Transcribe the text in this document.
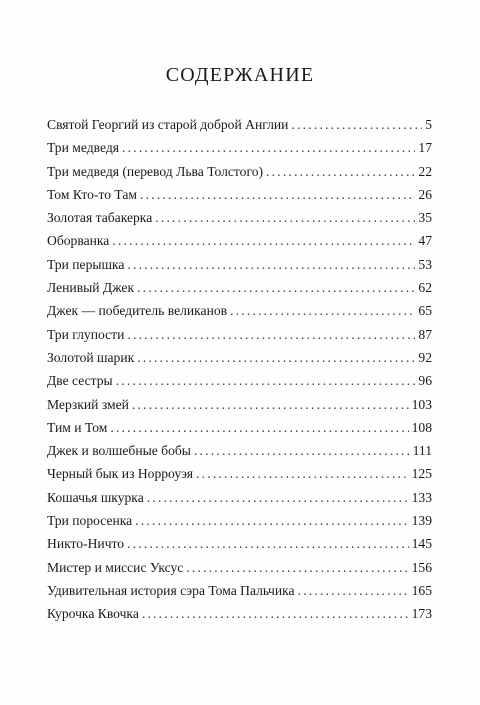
СОДЕРЖАНИЕ
Святой Георгий из старой доброй Англии . . .	5
Три медведя . . .	17
Три медведя (перевод Льва Толстого) . . .	22
Том Кто-то Там . . .	26
Золотая табакерка . . .	35
Оборванка . . .	47
Три перышка . . .	53
Ленивый Джек . . .	62
Джек — победитель великанов . . .	65
Три глупости . . .	87
Золотой шарик . . .	92
Две сестры . . .	96
Мерзкий змей . . .	103
Тим и Том . . .	108
Джек и волшебные бобы . . .	111
Черный бык из Норроуэя . . .	125
Кошачья шкурка . . .	133
Три поросенка . . .	139
Никто-Ничто . . .	145
Мистер и миссис Уксус . . .	156
Удивительная история сэра Тома Пальчика . . .	165
Курочка Квочка . . .	173
